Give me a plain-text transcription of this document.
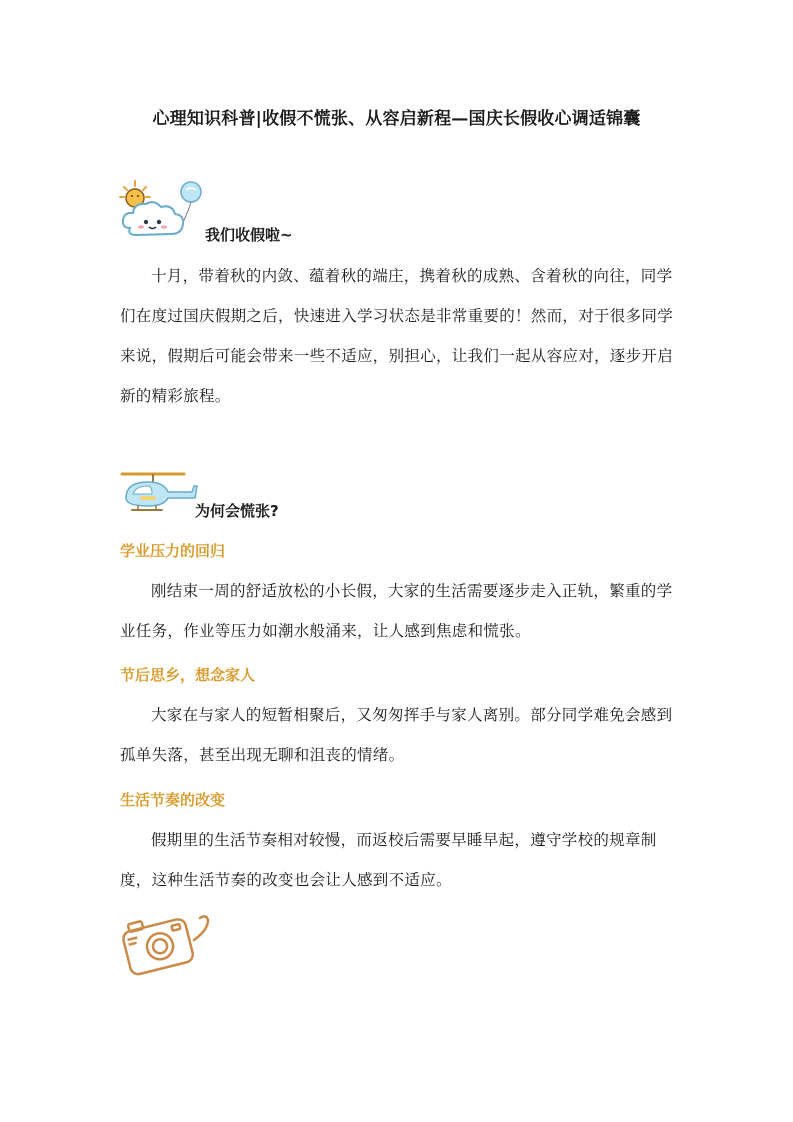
心理知识科普|收假不慌张、从容启新程—国庆长假收心调适锦囊
我们收假啦~

十月，带着秋的内敛、蕴着秋的端庄，携着秋的成熟、含着秋的向往，同学们在度过国庆假期之后，快速进入学习状态是非常重要的！然而，对于很多同学来说，假期后可能会带来一些不适应，别担心，让我们一起从容应对，逐步开启新的精彩旅程。

为何会慌张?
学业压力的回归

刚结束一周的舒适放松的小长假，大家的生活需要逐步走入正轨，繁重的学业任务，作业等压力如潮水般涌来，让人感到焦虑和慌张。

节后思乡，想念家人

大家在与家人的短暂相聚后，又匆匆挥手与家人离别。部分同学难免会感到孤单失落，甚至出现无聊和沮丧的情绪。

生活节奏的改变

假期里的生活节奏相对较慢，而返校后需要早睡早起，遵守学校的规章制度，这种生活节奏的改变也会让人感到不适应。
